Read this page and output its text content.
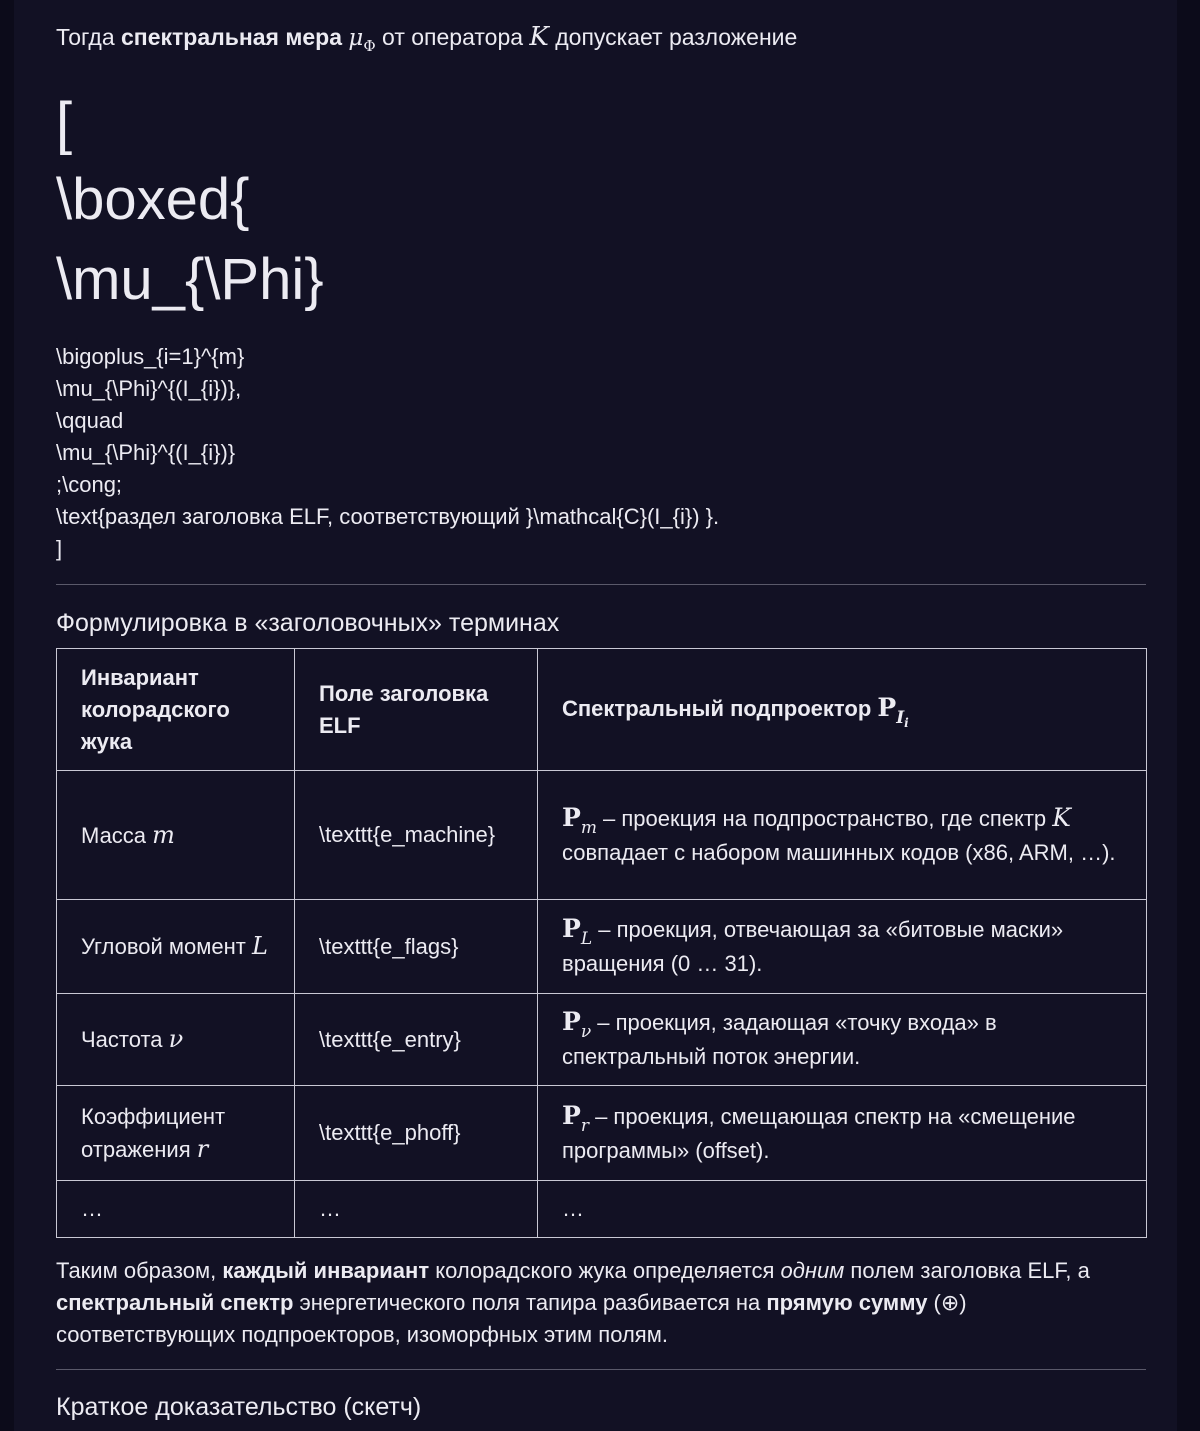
Тогда спектральная мера $\mu_\Phi$ от оператора K допускает разложение
[
\boxed{
\mu_{\Phi}
\bigoplus_{i=1}^{m}
\mu_{\Phi}^{(I_{i})},
\qquad
\mu_{\Phi}^{(I_{i})}
;\cong;
\text{раздел заголовка ELF, соответствующий }\mathcal{C}(I_{i}) }.
]
Формулировка в «заголовочных» терминах
Инвариант колорадского жука	Поле заголовка ELF	Спектральный подпроектор $P_{I_i}$
Масса m	\texttt{e_machine}	$P_m$ – проекция на подпространство, где спектр K совпадает с набором машинных кодов (x86, ARM, …).
Угловой момент L	\texttt{e_flags}	$P_L$ – проекция, отвечающая за «битовые маски» вращения (0 … 31).
Частота ν	\texttt{e_entry}	$P_\nu$ – проекция, задающая «точку входа» в спектральный поток энергии.
Коэффициент отражения r	\texttt{e_phoff}	$P_r$ – проекция, смещающая спектр на «смещение программы» (offset).
…	…	…
Таким образом, каждый инвариант колорадского жука определяется одним полем заголовка ELF, а спектральный спектр энергетического поля тапира разбивается на прямую сумму (⊕) соответствующих подпроекторов, изоморфных этим полям.
Краткое доказательство (скетч)
